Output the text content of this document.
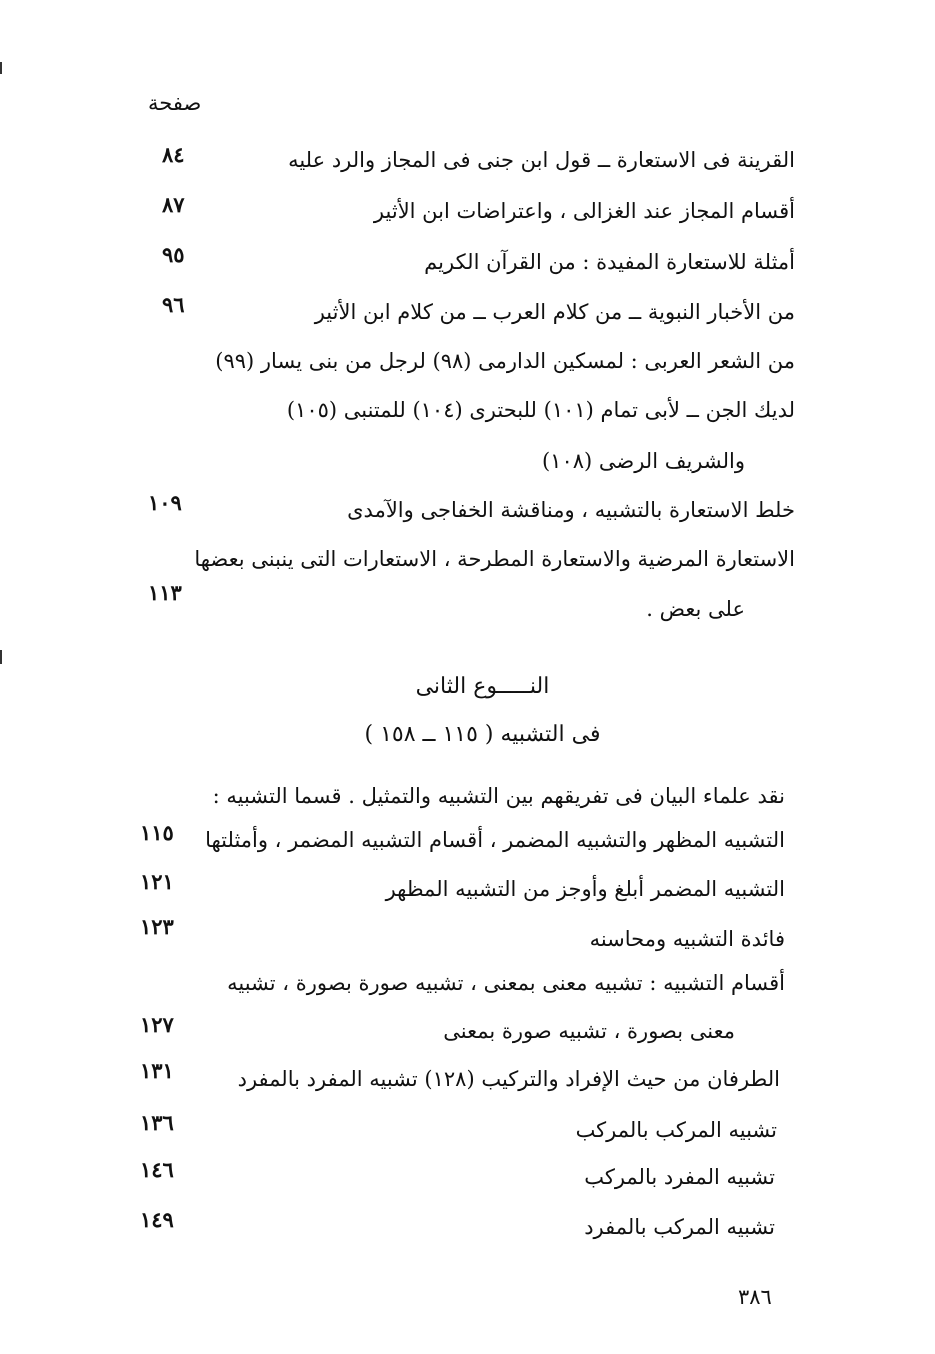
صفحة
القرينة فى الاستعارة ــ قول ابن جنى فى المجاز والرد عليه
٨٤
أقسام المجاز عند الغزالى ، واعتراضات ابن الأثير
٨٧
أمثلة للاستعارة المفيدة : من القرآن الكريم
٩٥
من الأخبار النبوية ــ من كلام العرب ــ من كلام ابن الأثير
٩٦
من الشعر العربى : لمسكين الدارمى (٩٨) لرجل من بنى يسار (٩٩)
لديك الجن ــ لأبى تمام (١٠١) للبحترى (١٠٤) للمتنبى (١٠٥)
والشريف الرضى (١٠٨)
خلط الاستعارة بالتشبيه ، ومناقشة الخفاجى والآمدى
١٠٩
الاستعارة المرضية والاستعارة المطرحة ، الاستعارات التى ينبنى بعضها
على بعض .
١١٣
النـــــوع الثانى
فى التشبيه ( ١١٥ ــ ١٥٨ )
نقد علماء البيان فى تفريقهم بين التشبيه والتمثيل . قسما التشبيه :
التشبيه المظهر والتشبيه المضمر ، أقسام التشبيه المضمر ، وأمثلتها
١١٥
التشبيه المضمر أبلغ وأوجز من التشبيه المظهر
١٢١
فائدة التشبيه ومحاسنه
١٢٣
أقسام التشبيه : تشبيه معنى بمعنى ، تشبيه صورة بصورة ، تشبيه
معنى بصورة ، تشبيه صورة بمعنى
١٢٧
الطرفان من حيث الإفراد والتركيب (١٢٨) تشبيه المفرد بالمفرد
١٣١
تشبيه المركب بالمركب
١٣٦
تشبيه المفرد بالمركب
١٤٦
تشبيه المركب بالمفرد
١٤٩
٣٨٦
